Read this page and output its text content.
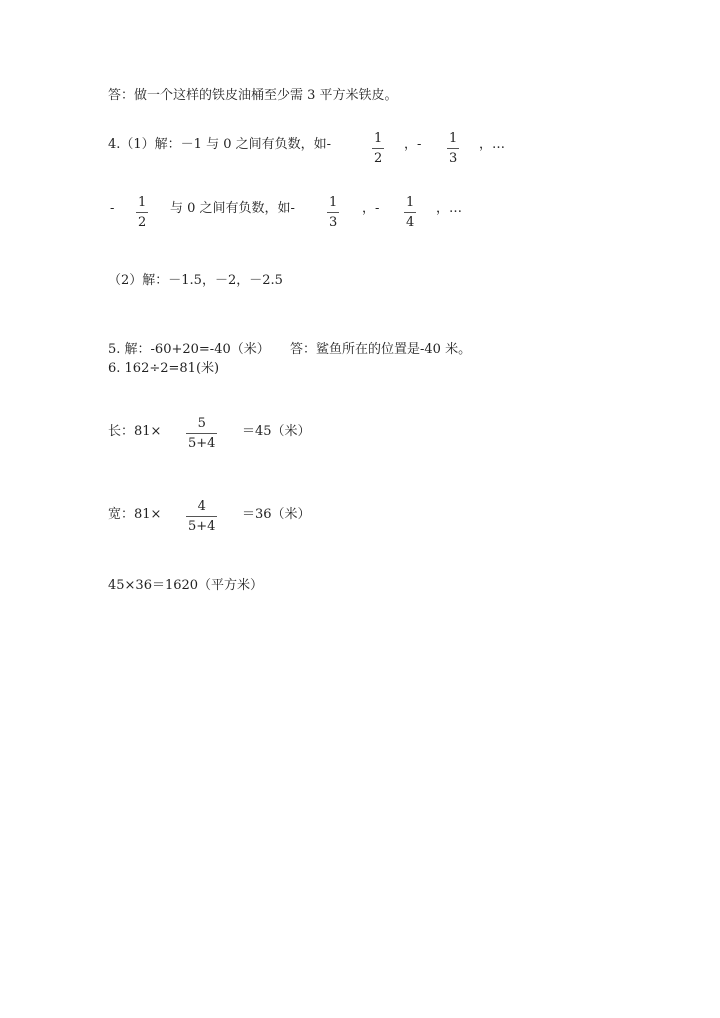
答：做一个这样的铁皮油桶至少需 3 平方米铁皮。
4.（1）解：－1 与 0 之间有负数，如-	1
2
，- 1
3
，…
- 1
2
与 0 之间有负数，如-	1
3
，- 1
4
，…
（2）解：－1.5，－2，－2.5
5. 解：-60+20=-40（米） 答：鲨鱼所在的位置是-40 米。
6. 162÷2=81(米)
长：81×
5
5+4
＝45（米）
宽：81×
4
5+4
＝36（米）
45×36＝1620（平方米）
